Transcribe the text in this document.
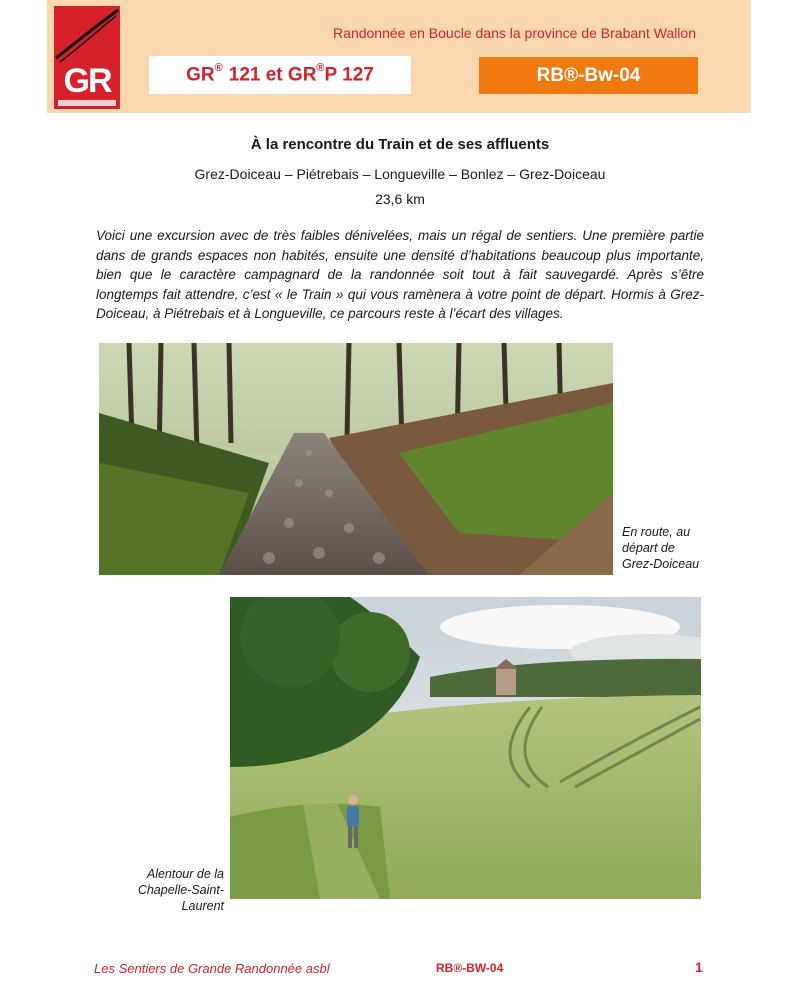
GR
Randonnée en Boucle dans la province de Brabant Wallon
GR® 121 et GR®P 127	RB®-Bw-04
À la rencontre du Train et de ses affluents
Grez-Doiceau – Piétrebais – Longueville – Bonlez – Grez-Doiceau
23,6 km
Voici une excursion avec de très faibles dénivelées, mais un régal de sentiers. Une première partie dans de grands espaces non habités, ensuite une densité d’habitations beaucoup plus importante, bien que le caractère campagnard de la randonnée soit tout à fait sauvegardé. Après s’être longtemps fait attendre, c’est « le Train » qui vous ramènera à votre point de départ. Hormis à Grez-Doiceau, à Piétrebais et à Longueville, ce parcours reste à l’écart des villages.
En route, au
départ de
Grez-Doiceau
Alentour de la
Chapelle-Saint-Laurent
Les Sentiers de Grande Randonnée asbl	RB®-BW-04	1
